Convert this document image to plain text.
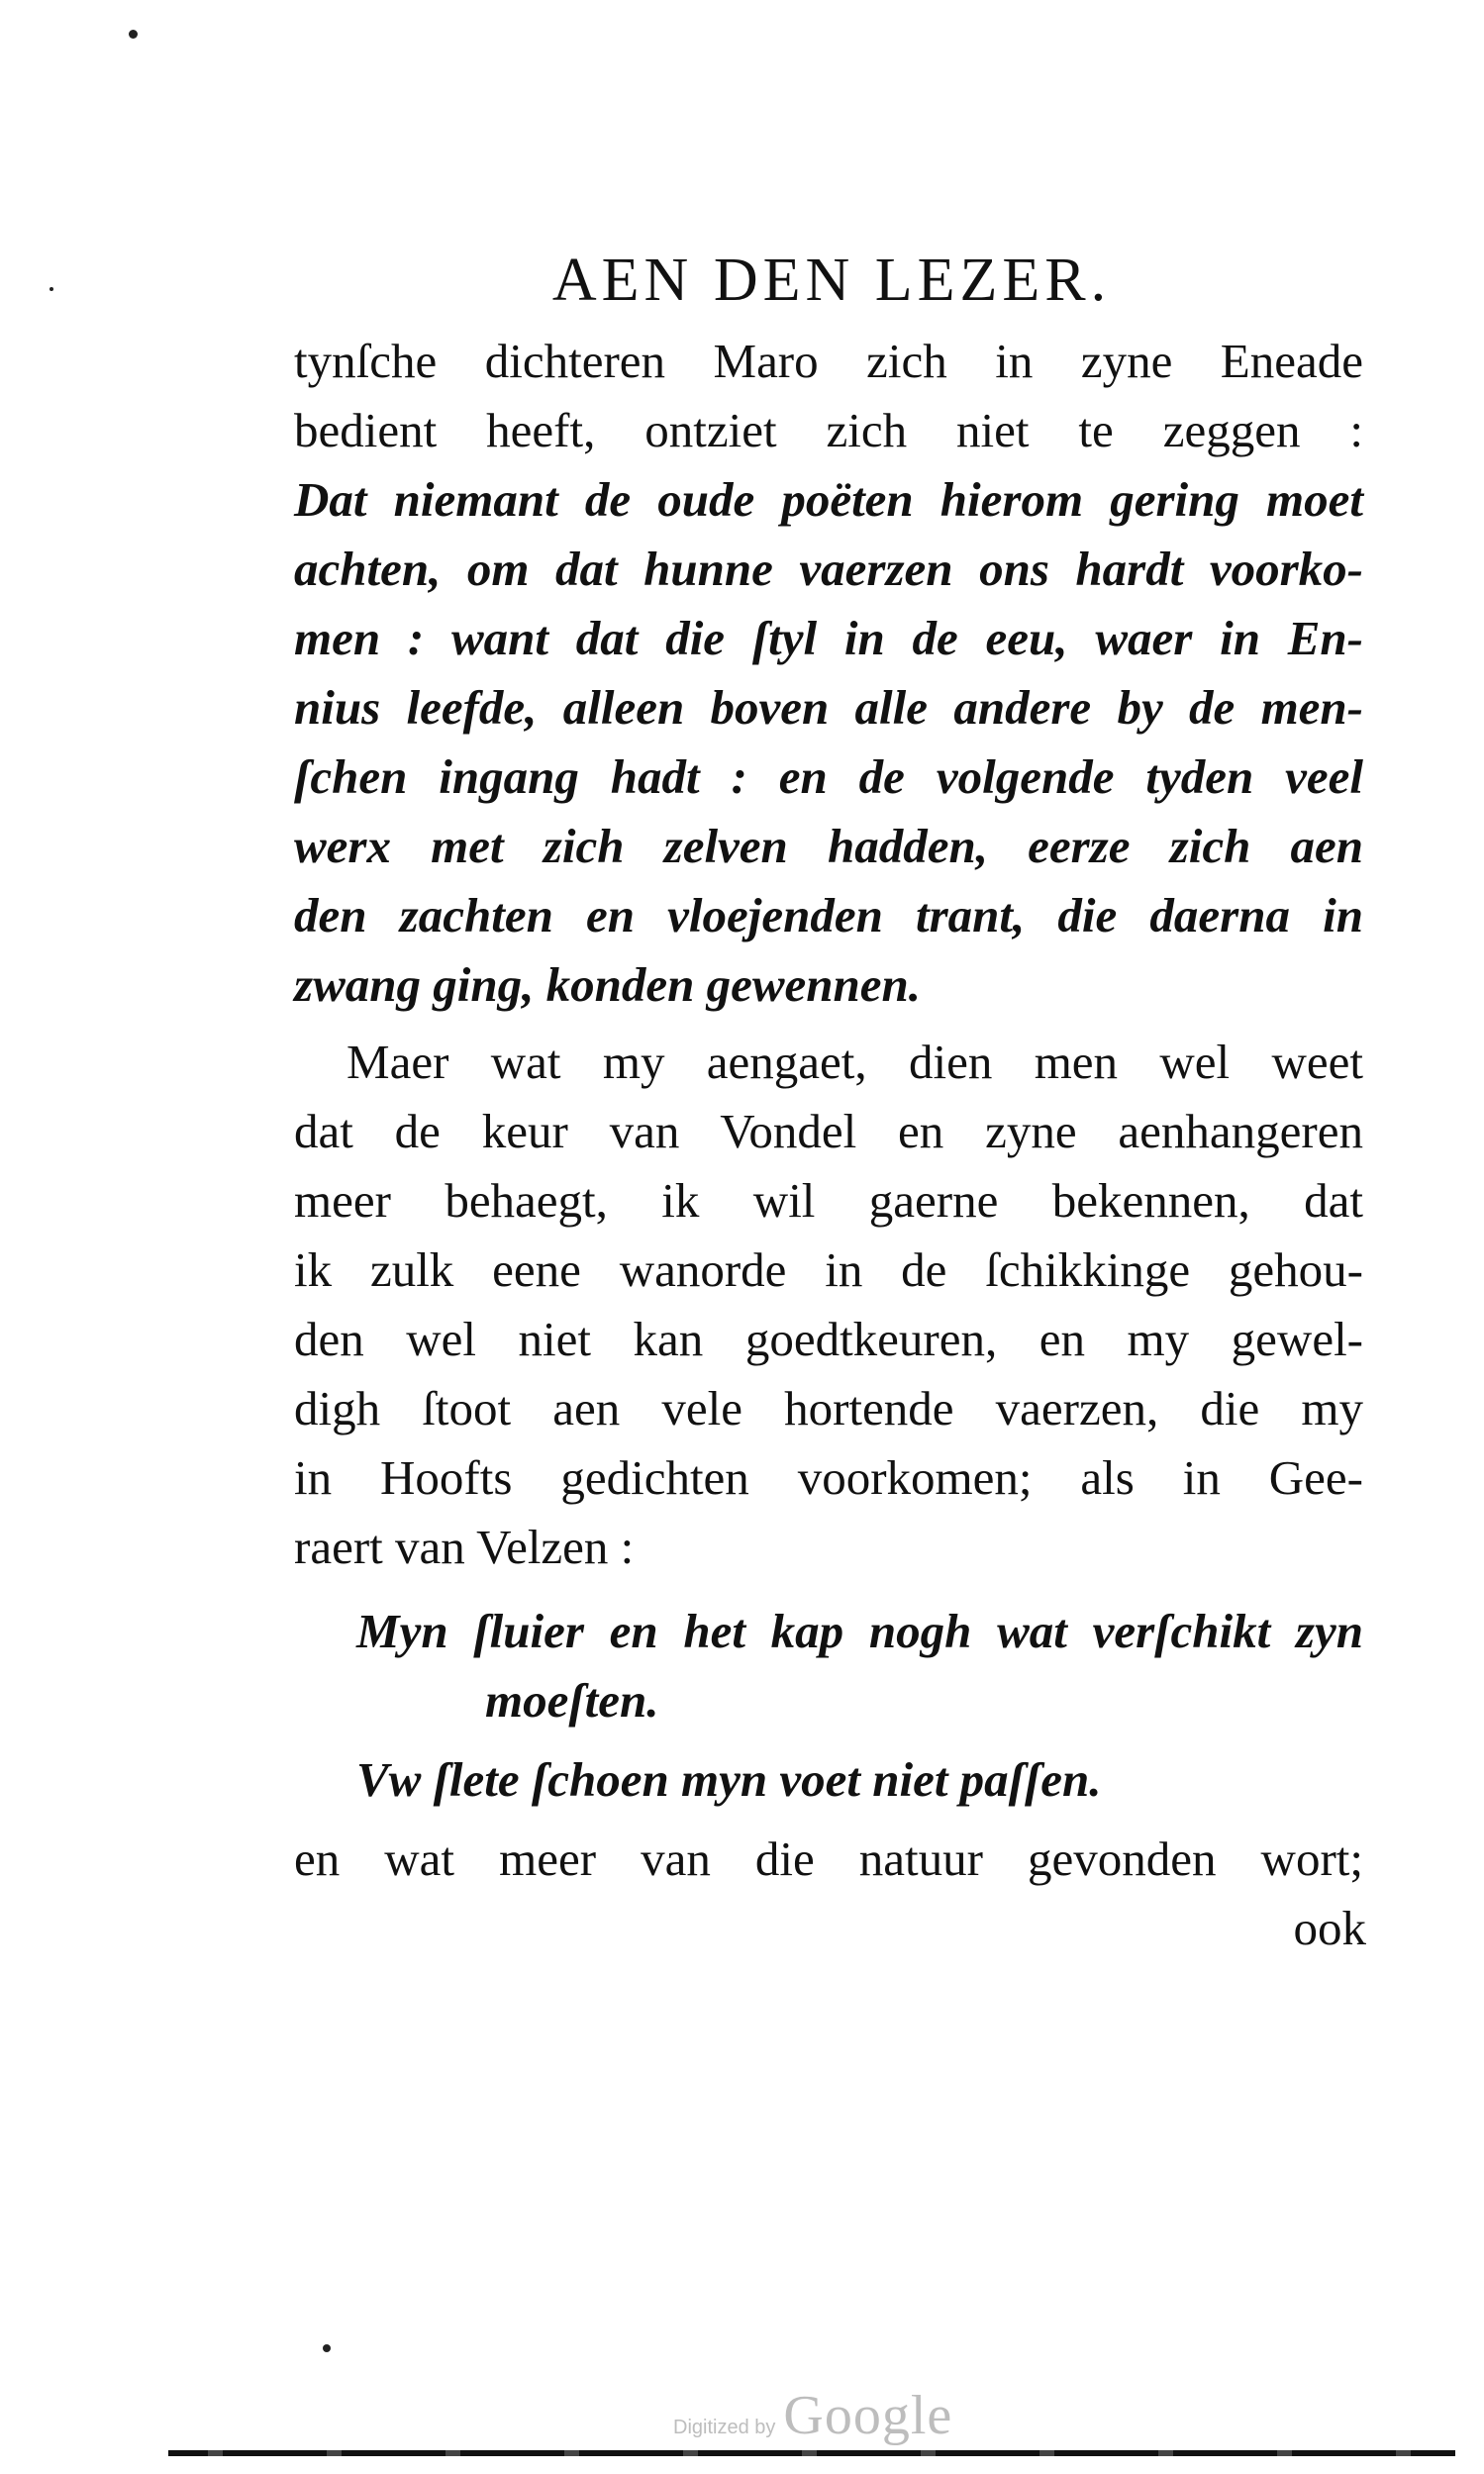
AEN DEN LEZER.

tynſche dichteren Maro zich in zyne Eneade

bedient heeft, ontziet zich niet te zeggen :

Dat niemant de oude poëten hierom gering moet

achten, om dat hunne vaerzen ons hardt voorko-

men : want dat die ſtyl in de eeu, waer in En-

nius leefde, alleen boven alle andere by de men-

ſchen ingang hadt : en de volgende tyden veel

werx met zich zelven hadden, eerze zich aen

den zachten en vloejenden trant, die daerna in

zwang ging, konden gewennen.

Maer wat my aengaet, dien men wel weet

dat de keur van Vondel en zyne aenhangeren

meer behaegt, ik wil gaerne bekennen, dat

ik zulk eene wanorde in de ſchikkinge gehou-

den wel niet kan goedtkeuren, en my gewel-

digh ſtoot aen vele hortende vaerzen, die my

in Hoofts gedichten voorkomen; als in Gee-

raert van Velzen :

Myn ſluier en het kap nogh wat verſchikt zyn

moeſten.

Vw ſlete ſchoen myn voet niet paſſen.

en wat meer van die natuur gevonden wort;

ook

Digitized by Google
